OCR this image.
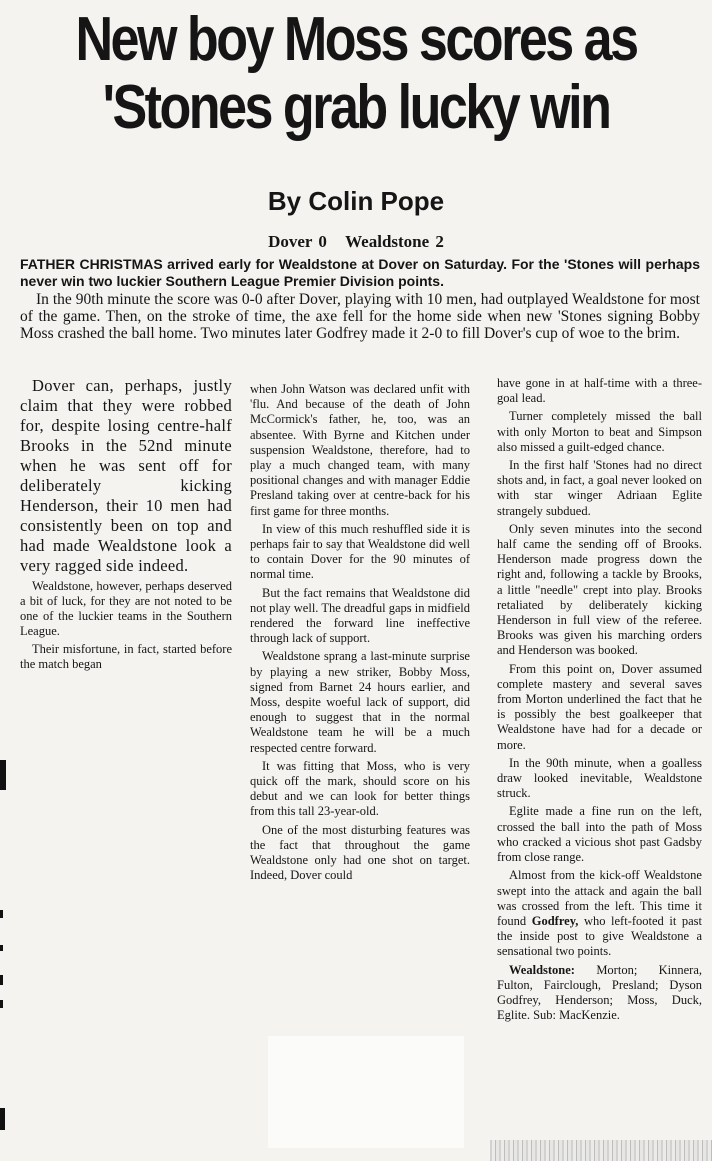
New boy Moss scores as
'Stones grab lucky win
By Colin Pope
Dover 0 Wealdstone 2

FATHER CHRISTMAS arrived early for Wealdstone at Dover on Saturday. For the 'Stones will perhaps never win two luckier Southern League Premier Division points.

In the 90th minute the score was 0-0 after Dover, playing with 10 men, had outplayed Wealdstone for most of the game. Then, on the stroke of time, the axe fell for the home side when new 'Stones signing Bobby Moss crashed the ball home. Two minutes later Godfrey made it 2-0 to fill Dover's cup of woe to the brim.

Dover can, perhaps, justly claim that they were robbed for, despite losing centre-half Brooks in the 52nd minute when he was sent off for deliberately kicking Henderson, their 10 men had consistently been on top and had made Wealdstone look a very ragged side indeed.

Wealdstone, however, perhaps deserved a bit of luck, for they are not noted to be one of the luckier teams in the Southern League.

Their misfortune, in fact, started before the match began

when John Watson was declared unfit with 'flu. And because of the death of John McCormick's father, he, too, was an absentee. With Byrne and Kitchen under suspension Wealdstone, therefore, had to play a much changed team, with many positional changes and with manager Eddie Presland taking over at centre-back for his first game for three months.

In view of this much reshuffled side it is perhaps fair to say that Wealdstone did well to contain Dover for the 90 minutes of normal time.

But the fact remains that Wealdstone did not play well. The dreadful gaps in midfield rendered the forward line ineffective through lack of support.

Wealdstone sprang a last-minute surprise by playing a new striker, Bobby Moss, signed from Barnet 24 hours earlier, and Moss, despite woeful lack of support, did enough to suggest that in the normal Wealdstone team he will be a much respected centre forward.

It was fitting that Moss, who is very quick off the mark, should score on his debut and we can look for better things from this tall 23-year-old.

One of the most disturbing features was the fact that throughout the game Wealdstone only had one shot on target. Indeed, Dover could

have gone in at half-time with a three-goal lead.

Turner completely missed the ball with only Morton to beat and Simpson also missed a guilt-edged chance.

In the first half 'Stones had no direct shots and, in fact, a goal never looked on with star winger Adriaan Eglite strangely subdued.

Only seven minutes into the second half came the sending off of Brooks. Henderson made progress down the right and, following a tackle by Brooks, a little "needle" crept into play. Brooks retaliated by deliberately kicking Henderson in full view of the referee. Brooks was given his marching orders and Henderson was booked.

From this point on, Dover assumed complete mastery and several saves from Morton underlined the fact that he is possibly the best goalkeeper that Wealdstone have had for a decade or more.

In the 90th minute, when a goalless draw looked inevitable, Wealdstone struck.

Eglite made a fine run on the left, crossed the ball into the path of Moss who cracked a vicious shot past Gadsby from close range.

Almost from the kick-off Wealdstone swept into the attack and again the ball was crossed from the left. This time it found Godfrey, who left-footed it past the inside post to give Wealdstone a sensational two points.

Wealdstone: Morton; Kinnera, Fulton, Fairclough, Presland; Dyson Godfrey, Henderson; Moss, Duck, Eglite. Sub: MacKenzie.
